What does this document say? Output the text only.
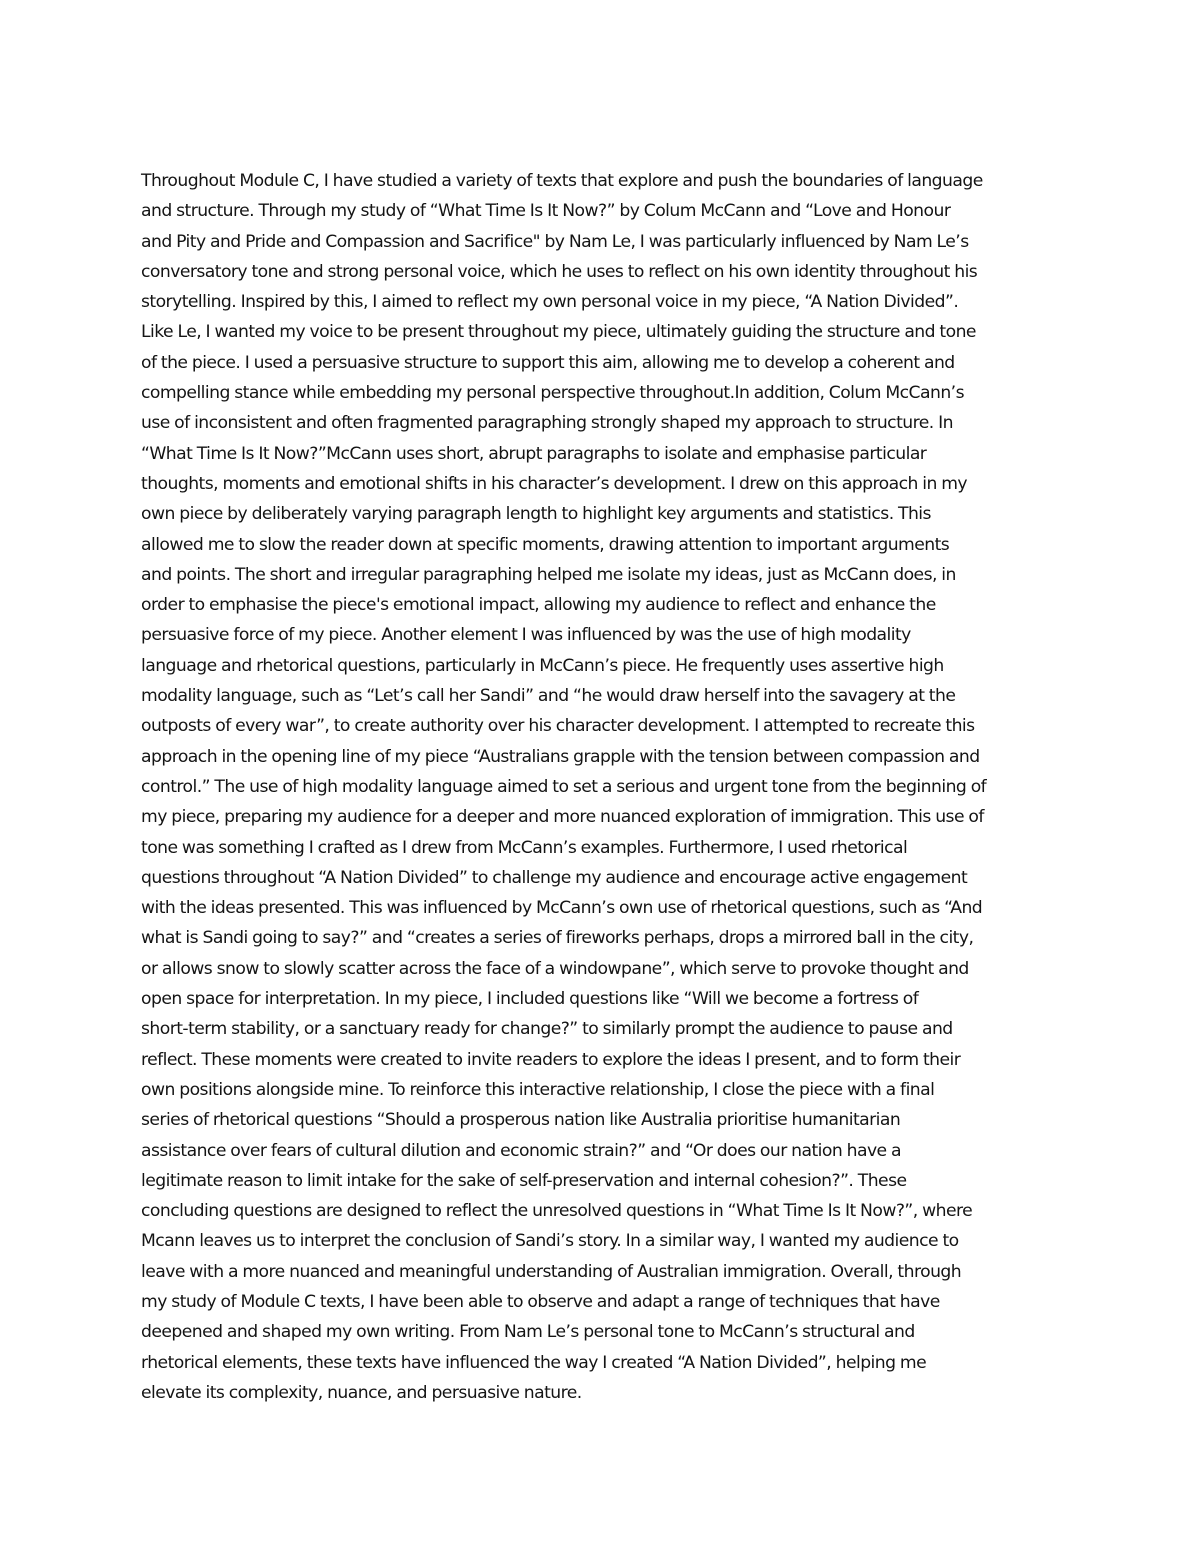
Throughout Module C, I have studied a variety of texts that explore and push the boundaries of language
and structure. Through my study of “What Time Is It Now?” by Colum McCann and “Love and Honour
and Pity and Pride and Compassion and Sacrifice" by Nam Le, I was particularly influenced by Nam Le’s
conversatory tone and strong personal voice, which he uses to reflect on his own identity throughout his
storytelling. Inspired by this, I aimed to reflect my own personal voice in my piece, “A Nation Divided”.
Like Le, I wanted my voice to be present throughout my piece, ultimately guiding the structure and tone
of the piece. I used a persuasive structure to support this aim, allowing me to develop a coherent and
compelling stance while embedding my personal perspective throughout.In addition, Colum McCann’s
use of inconsistent and often fragmented paragraphing strongly shaped my approach to structure. In
“What Time Is It Now?”McCann uses short, abrupt paragraphs to isolate and emphasise particular
thoughts, moments and emotional shifts in his character’s development. I drew on this approach in my
own piece by deliberately varying paragraph length to highlight key arguments and statistics. This
allowed me to slow the reader down at specific moments, drawing attention to important arguments
and points. The short and irregular paragraphing helped me isolate my ideas, just as McCann does, in
order to emphasise the piece's emotional impact, allowing my audience to reflect and enhance the
persuasive force of my piece. Another element I was influenced by was the use of high modality
language and rhetorical questions, particularly in McCann’s piece. He frequently uses assertive high
modality language, such as “Let’s call her Sandi” and “he would draw herself into the savagery at the
outposts of every war”, to create authority over his character development. I attempted to recreate this
approach in the opening line of my piece “Australians grapple with the tension between compassion and
control.” The use of high modality language aimed to set a serious and urgent tone from the beginning of
my piece, preparing my audience for a deeper and more nuanced exploration of immigration. This use of
tone was something I crafted as I drew from McCann’s examples. Furthermore, I used rhetorical
questions throughout “A Nation Divided” to challenge my audience and encourage active engagement
with the ideas presented. This was influenced by McCann’s own use of rhetorical questions, such as “And
what is Sandi going to say?” and “creates a series of fireworks perhaps, drops a mirrored ball in the city,
or allows snow to slowly scatter across the face of a windowpane”, which serve to provoke thought and
open space for interpretation. In my piece, I included questions like “Will we become a fortress of
short-term stability, or a sanctuary ready for change?” to similarly prompt the audience to pause and
reflect. These moments were created to invite readers to explore the ideas I present, and to form their
own positions alongside mine. To reinforce this interactive relationship, I close the piece with a final
series of rhetorical questions “Should a prosperous nation like Australia prioritise humanitarian
assistance over fears of cultural dilution and economic strain?” and “Or does our nation have a
legitimate reason to limit intake for the sake of self-preservation and internal cohesion?”. These
concluding questions are designed to reflect the unresolved questions in “What Time Is It Now?”, where
Mcann leaves us to interpret the conclusion of Sandi’s story. In a similar way, I wanted my audience to
leave with a more nuanced and meaningful understanding of Australian immigration. Overall, through
my study of Module C texts, I have been able to observe and adapt a range of techniques that have
deepened and shaped my own writing. From Nam Le’s personal tone to McCann’s structural and
rhetorical elements, these texts have influenced the way I created “A Nation Divided”, helping me
elevate its complexity, nuance, and persuasive nature.
